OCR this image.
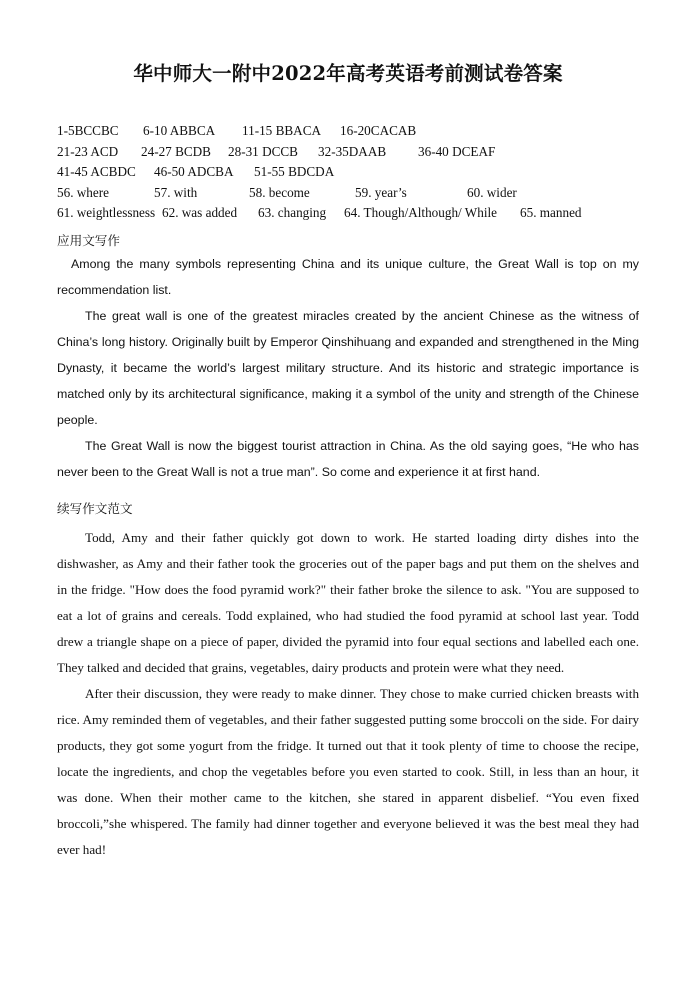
华中师大一附中2022年高考英语考前测试卷答案
1-5BCCBC 6-10 ABBCA 11-15 BBACA 16-20CACAB
21-23 ACD 24-27 BCDB 28-31 DCCB 32-35DAAB 36-40 DCEAF
41-45 ACBDC 46-50 ADCBA 51-55 BDCDA
56. where	57. with	58. become	59. year’s	60. wider
61. weightlessness 62. was added 63. changing 64. Though/Although/ While 65. manned
应用文写作

Among the many symbols representing China and its unique culture, the Great Wall is top on my recommendation list.

The great wall is one of the greatest miracles created by the ancient Chinese as the witness of China’s long history. Originally built by Emperor Qinshihuang and expanded and strengthened in the Ming Dynasty, it became the world’s largest military structure. And its historic and strategic importance is matched only by its architectural significance, making it a symbol of the unity and strength of the Chinese people.

The Great Wall is now the biggest tourist attraction in China. As the old saying goes, “He who has never been to the Great Wall is not a true man”. So come and experience it at first hand.

续写作文范文

Todd, Amy and their father quickly got down to work. He started loading dirty dishes into the dishwasher, as Amy and their father took the groceries out of the paper bags and put them on the shelves and in the fridge. "How does the food pyramid work?" their father broke the silence to ask. "You are supposed to eat a lot of grains and cereals. Todd explained, who had studied the food pyramid at school last year. Todd drew a triangle shape on a piece of paper, divided the pyramid into four equal sections and labelled each one. They talked and decided that grains, vegetables, dairy products and protein were what they need.

After their discussion, they were ready to make dinner. They chose to make curried chicken breasts with rice. Amy reminded them of vegetables, and their father suggested putting some broccoli on the side. For dairy products, they got some yogurt from the fridge. It turned out that it took plenty of time to choose the recipe, locate the ingredients, and chop the vegetables before you even started to cook. Still, in less than an hour, it was done. When their mother came to the kitchen, she stared in apparent disbelief. “You even fixed broccoli,”she whispered. The family had dinner together and everyone believed it was the best meal they had ever had!
